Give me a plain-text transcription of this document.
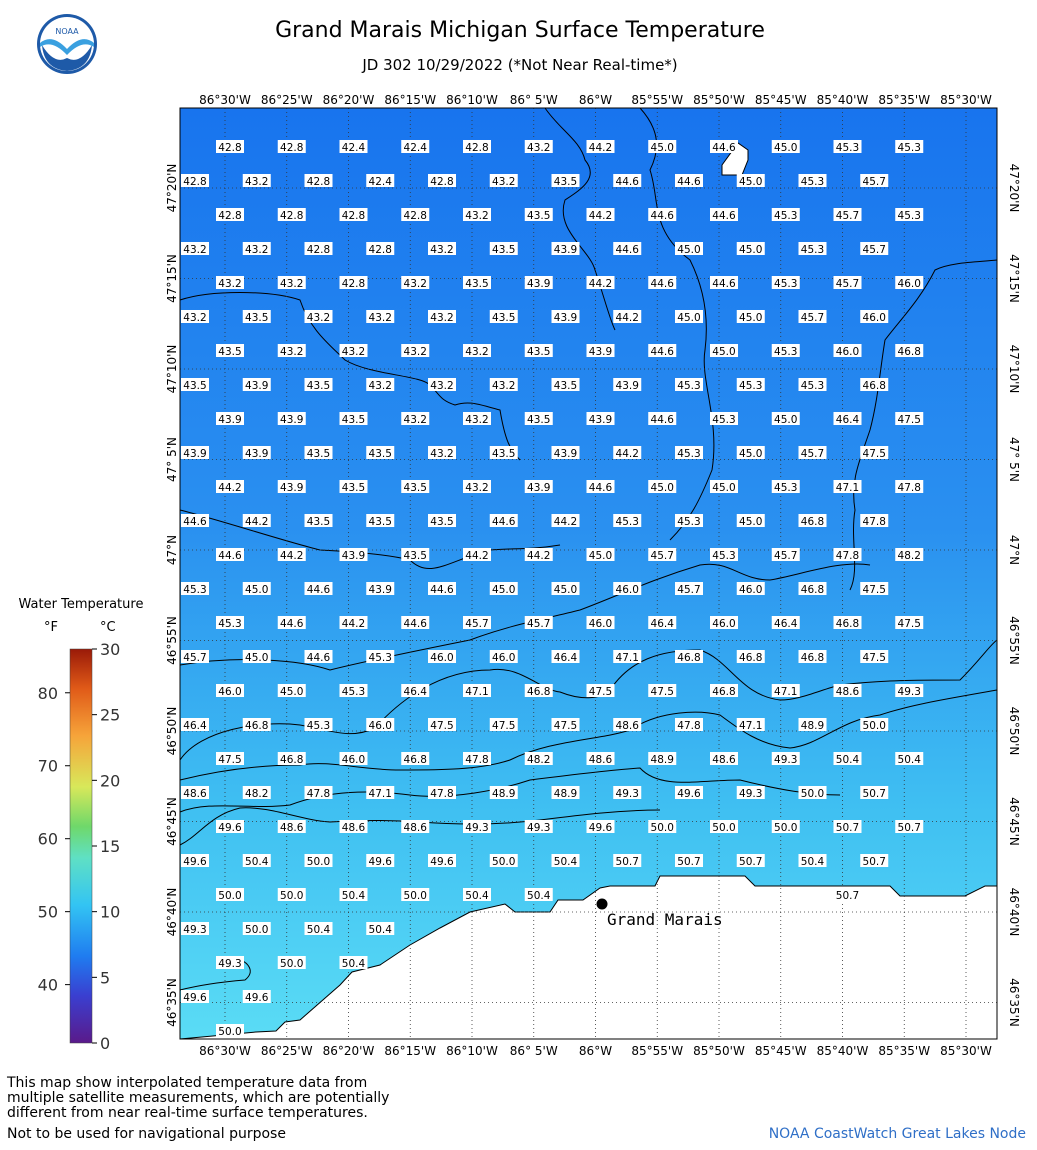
Grand Marais Michigan Surface Temperature
JD 302 10/29/2022 (*Not Near Real-time*)
NOAA
86°30'W
86°30'W
86°25'W
86°25'W
86°20'W
86°20'W
86°15'W
86°15'W
86°10'W
86°10'W
86° 5'W
86° 5'W
86°W
86°W
85°55'W
85°55'W
85°50'W
85°50'W
85°45'W
85°45'W
85°40'W
85°40'W
85°35'W
85°35'W
85°30'W
85°30'W
47°20'N	47°20'N
47°15'N	47°15'N
47°10'N	47°10'N
47° 5'N	47° 5'N
47°N	47°N
46°55'N	46°55'N
46°50'N	46°50'N
46°45'N	46°45'N
46°40'N	46°40'N
46°35'N	46°35'N
42.8	42.8	42.4	42.4	42.8	43.2	44.2	45.0	44.6	45.0	45.3	45.3
42.8	42.8	42.8	42.8	43.2	43.5	44.2	44.6	44.6	45.3	45.7	45.3
43.2	43.2	42.8	43.2	43.5	43.9	44.2	44.6	44.6	45.3	45.7	46.0
43.5	43.2	43.2	43.2	43.2	43.5	43.9	44.6	45.0	45.3	46.0	46.8
43.9	43.9	43.5	43.2	43.2	43.5	43.9	44.6	45.3	45.0	46.4	47.5
44.2	43.9	43.5	43.5	43.2	43.9	44.6	45.0	45.0	45.3	47.1	47.8
44.6	44.2	43.9	43.5	44.2	44.2	45.0	45.7	45.3	45.7	47.8	48.2
45.3	44.6	44.2	44.6	45.7	45.7	46.0	46.4	46.0	46.4	46.8	47.5
46.0	45.0	45.3	46.4	47.1	46.8	47.5	47.5	46.8	47.1	48.6	49.3
47.5	46.8	46.0	46.8	47.8	48.2	48.6	48.9	48.6	49.3	50.4	50.4
49.6	48.6	48.6	48.6	49.3	49.3	49.6	50.0	50.0	50.0	50.7	50.7
50.0	50.0	50.4	50.0	50.4	50.4	50.7
49.3	50.0	50.4
50.0
42.8	43.2	42.8	42.4	42.8	43.2	43.5	44.6	44.6	45.0	45.3	45.7
43.2	43.2	42.8	42.8	43.2	43.5	43.9	44.6	45.0	45.0	45.3	45.7
43.2	43.5	43.2	43.2	43.2	43.5	43.9	44.2	45.0	45.0	45.7	46.0
43.5	43.9	43.5	43.2	43.2	43.2	43.5	43.9	45.3	45.3	45.3	46.8
43.9	43.9	43.5	43.5	43.2	43.5	43.9	44.2	45.3	45.0	45.7	47.5
44.6	44.2	43.5	43.5	43.5	44.6	44.2	45.3	45.3	45.0	46.8	47.8
45.3	45.0	44.6	43.9	44.6	45.0	45.0	46.0	45.7	46.0	46.8	47.5
45.7	45.0	44.6	45.3	46.0	46.0	46.4	47.1	46.8	46.8	46.8	47.5
46.4	46.8	45.3	46.0	47.5	47.5	47.5	48.6	47.8	47.1	48.9	50.0
48.6	48.2	47.8	47.1	47.8	48.9	48.9	49.3	49.6	49.3	50.0	50.7
49.6	50.4	50.0	49.6	49.6	50.0	50.4	50.7	50.7	50.7	50.4	50.7
49.3	50.0	50.4	50.4
49.6	49.6
Grand Marais
Water Temperature
°F	°C
30
25
20
15
10
5
0
80
70
60
50
40
This map show interpolated temperature data from
multiple satellite measurements, which are potentially
different from near real-time surface temperatures.
Not to be used for navigational purpose	NOAA CoastWatch Great Lakes Node
